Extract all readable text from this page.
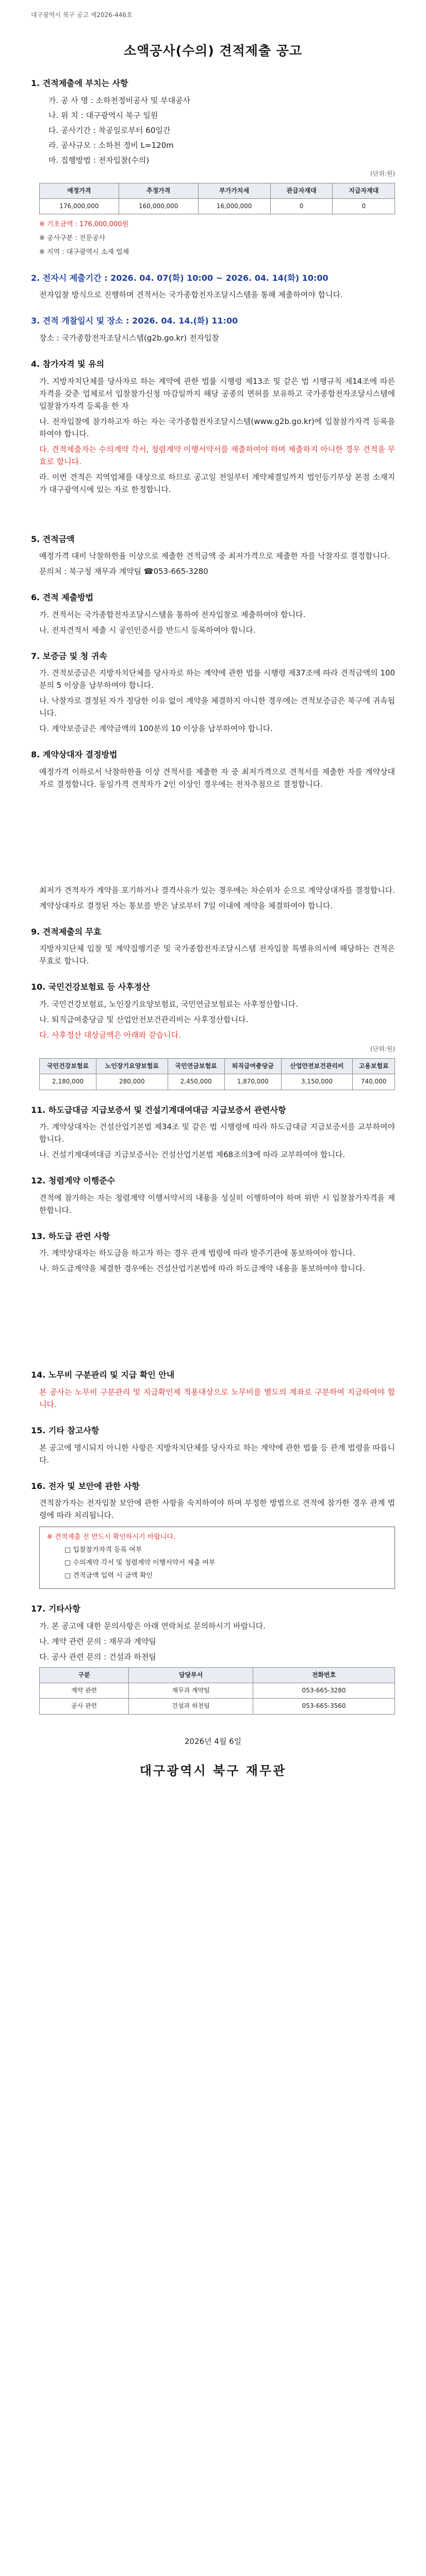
대구광역시 북구 공고 제2026-446호
소액공사(수의) 견적제출 공고
1. 견적제출에 부치는 사항
가. 공 사 명 : 소하천정비공사 및 부대공사
나. 위 치 : 대구광역시 북구 일원
다. 공사기간 : 착공일로부터 60일간
라. 공사규모 : 소하천 정비 L=120m
마. 집행방법 : 전자입찰(수의)
(단위:원)
예정가격	추정가격	부가가치세	관급자재대	지급자재대
176,000,000	160,000,000	16,000,000	0	0
※ 기초금액 : 176,000,000원
※ 공사구분 : 전문공사
※ 지역 : 대구광역시 소재 업체
2. 전자시 제출기간 : 2026. 04. 07(화) 10:00 ~ 2026. 04. 14(화) 10:00
전자입찰 방식으로 진행하며 견적서는 국가종합전자조달시스템을 통해 제출하여야 합니다.
3. 견적 개찰일시 및 장소 : 2026. 04. 14.(화) 11:00
장소 : 국가종합전자조달시스템(g2b.go.kr) 전자입찰
4. 참가자격 및 유의
가. 지방자치단체를 당사자로 하는 계약에 관한 법률 시행령 제13조 및 같은 법 시행규칙 제14조에 따른 자격을 갖춘 업체로서 입찰참가신청 마감일까지 해당 공종의 면허를 보유하고 국가종합전자조달시스템에 입찰참가자격 등록을 한 자
나. 전자입찰에 참가하고자 하는 자는 국가종합전자조달시스템(www.g2b.go.kr)에 입찰참가자격 등록을 하여야 합니다.
다. 견적제출자는 수의계약 각서, 청렴계약 이행서약서를 제출하여야 하며 제출하지 아니한 경우 견적을 무효로 합니다.
라. 이번 견적은 지역업체를 대상으로 하므로 공고일 전일부터 계약체결일까지 법인등기부상 본점 소재지가 대구광역시에 있는 자로 한정합니다.
5. 견적금액
예정가격 대비 낙찰하한율 이상으로 제출한 견적금액 중 최저가격으로 제출한 자를 낙찰자로 결정합니다.
문의처 : 북구청 재무과 계약팀 ☎053-665-3280
6. 견적 제출방법
가. 견적서는 국가종합전자조달시스템을 통하여 전자입찰로 제출하여야 합니다.
나. 전자견적서 제출 시 공인인증서를 반드시 등록하여야 합니다.
7. 보증금 및 청 귀속
가. 견적보증금은 지방자치단체를 당사자로 하는 계약에 관한 법률 시행령 제37조에 따라 견적금액의 100분의 5 이상을 납부하여야 합니다.
나. 낙찰자로 결정된 자가 정당한 이유 없이 계약을 체결하지 아니한 경우에는 견적보증금은 북구에 귀속됩니다.
다. 계약보증금은 계약금액의 100분의 10 이상을 납부하여야 합니다.
8. 계약상대자 결정방법
예정가격 이하로서 낙찰하한율 이상 견적서를 제출한 자 중 최저가격으로 견적서를 제출한 자를 계약상대자로 결정합니다. 동일가격 견적자가 2인 이상인 경우에는 전자추첨으로 결정합니다.
최저가 견적자가 계약을 포기하거나 결격사유가 있는 경우에는 차순위자 순으로 계약상대자를 결정합니다.
계약상대자로 결정된 자는 통보를 받은 날로부터 7일 이내에 계약을 체결하여야 합니다.
9. 견적제출의 무효
지방자치단체 입찰 및 계약집행기준 및 국가종합전자조달시스템 전자입찰 특별유의서에 해당하는 견적은 무효로 합니다.
10. 국민건강보험료 등 사후정산
가. 국민건강보험료, 노인장기요양보험료, 국민연금보험료는 사후정산합니다.
나. 퇴직급여충당금 및 산업안전보건관리비는 사후정산합니다.
다. 사후정산 대상금액은 아래와 같습니다.
(단위:원)
국민건강보험료	노인장기요양보험료	국민연금보험료	퇴직급여충당금	산업안전보건관리비	고용보험료
2,180,000	280,000	2,450,000	1,870,000	3,150,000	740,000
11. 하도급대금 지급보증서 및 건설기계대여대금 지급보증서 관련사항
가. 계약상대자는 건설산업기본법 제34조 및 같은 법 시행령에 따라 하도급대금 지급보증서를 교부하여야 합니다.
나. 건설기계대여대금 지급보증서는 건설산업기본법 제68조의3에 따라 교부하여야 합니다.
12. 청렴계약 이행준수
견적에 참가하는 자는 청렴계약 이행서약서의 내용을 성실히 이행하여야 하며 위반 시 입찰참가자격을 제한합니다.
13. 하도급 관련 사항
가. 계약상대자는 하도급을 하고자 하는 경우 관계 법령에 따라 발주기관에 통보하여야 합니다.
나. 하도급계약을 체결한 경우에는 건설산업기본법에 따라 하도급계약 내용을 통보하여야 합니다.
14. 노무비 구분관리 및 지급 확인 안내
본 공사는 노무비 구분관리 및 지급확인제 적용대상으로 노무비를 별도의 계좌로 구분하여 지급하여야 합니다.
15. 기타 참고사항
본 공고에 명시되지 아니한 사항은 지방자치단체를 당사자로 하는 계약에 관한 법률 등 관계 법령을 따릅니다.
16. 전자 및 보안에 관한 사항
견적참가자는 전자입찰 보안에 관한 사항을 숙지하여야 하며 부정한 방법으로 견적에 참가한 경우 관계 법령에 따라 처리됩니다.
※ 견적제출 전 반드시 확인하시기 바랍니다.
□ 입찰참가자격 등록 여부
□ 수의계약 각서 및 청렴계약 이행서약서 제출 여부
□ 견적금액 입력 시 금액 확인
17. 기타사항
가. 본 공고에 대한 문의사항은 아래 연락처로 문의하시기 바랍니다.
나. 계약 관련 문의 : 재무과 계약팀
다. 공사 관련 문의 : 건설과 하천팀
구분	담당부서	전화번호
계약 관련	재무과 계약팀	053-665-3280
공사 관련	건설과 하천팀	053-665-3560
2026년 4월 6일
대구광역시 북구 재무관
